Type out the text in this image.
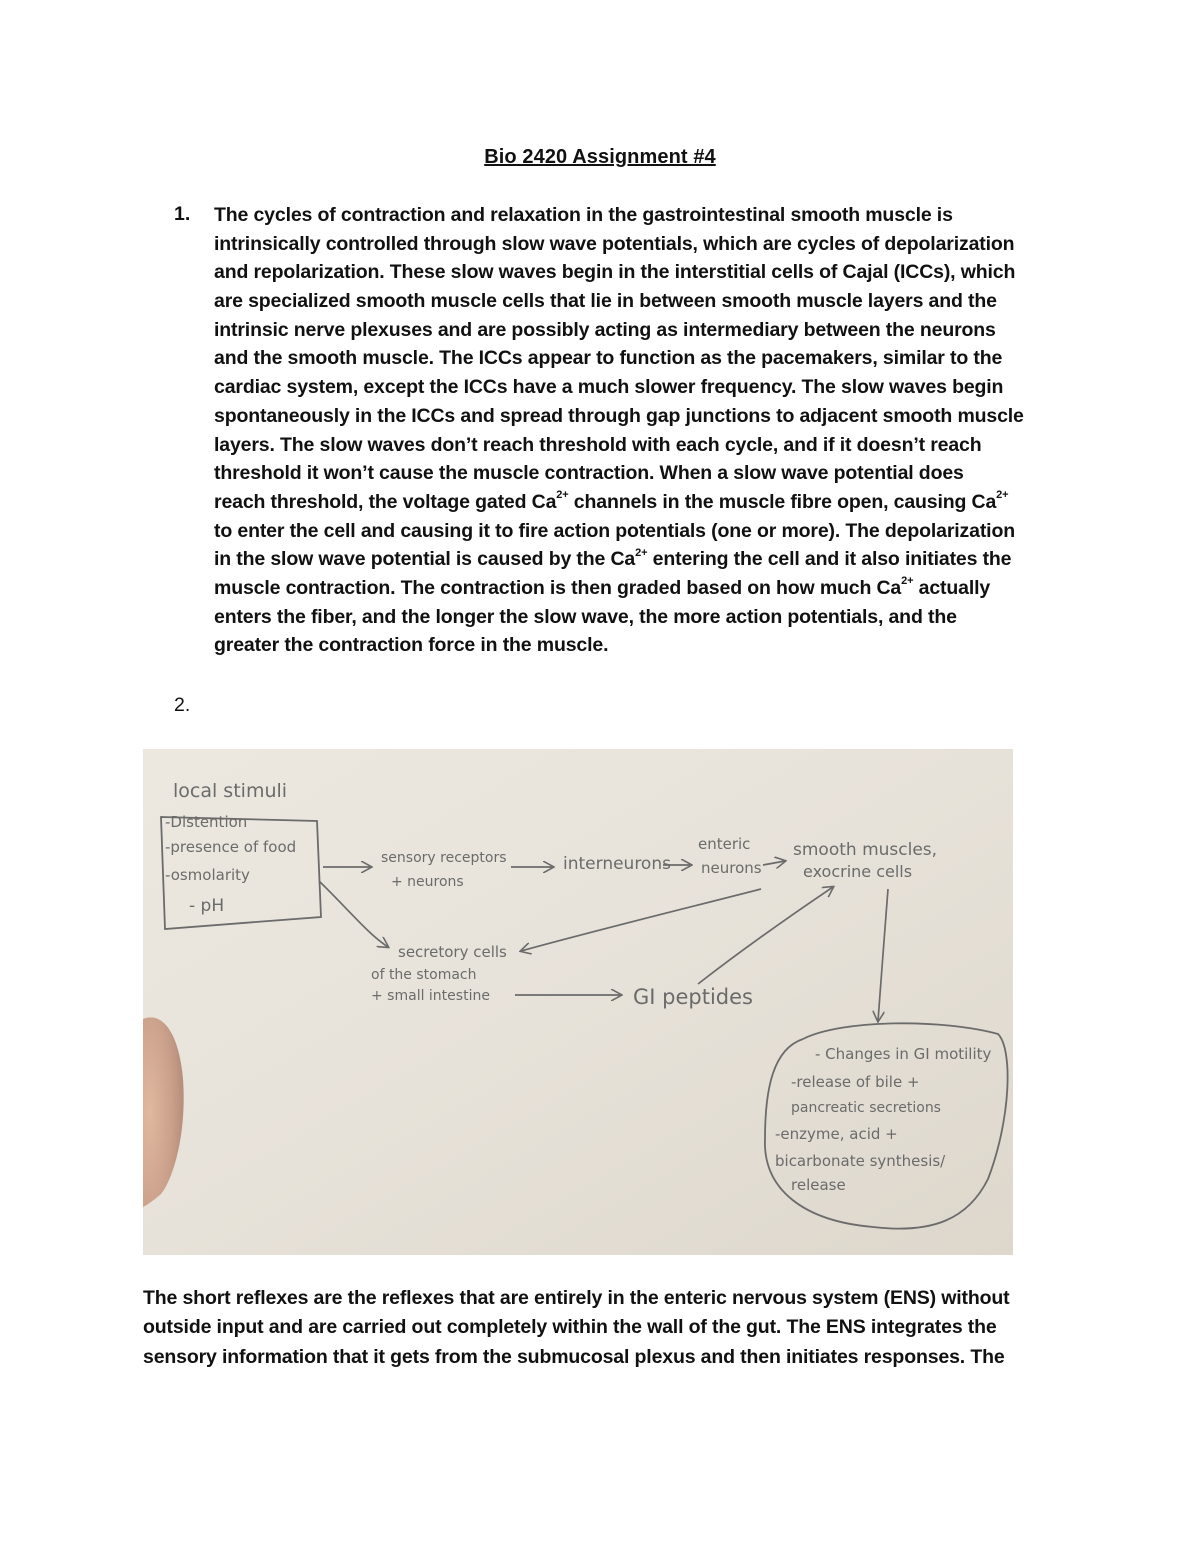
Bio 2420 Assignment #4
1. The cycles of contraction and relaxation in the gastrointestinal smooth muscle is
intrinsically controlled through slow wave potentials, which are cycles of depolarization
and repolarization. These slow waves begin in the interstitial cells of Cajal (ICCs), which
are specialized smooth muscle cells that lie in between smooth muscle layers and the
intrinsic nerve plexuses and are possibly acting as intermediary between the neurons
and the smooth muscle. The ICCs appear to function as the pacemakers, similar to the
cardiac system, except the ICCs have a much slower frequency. The slow waves begin
spontaneously in the ICCs and spread through gap junctions to adjacent smooth muscle
layers. The slow waves don’t reach threshold with each cycle, and if it doesn’t reach
threshold it won’t cause the muscle contraction. When a slow wave potential does
reach threshold, the voltage gated $Ca^{2+}$ channels in the muscle fibre open, causing $Ca^{2+}$
to enter the cell and causing it to fire action potentials (one or more). The depolarization
in the slow wave potential is caused by the $Ca^{2+}$ entering the cell and it also initiates the
muscle contraction. The contraction is then graded based on how much $Ca^{2+}$ actually
enters the fiber, and the longer the slow wave, the more action potentials, and the
greater the contraction force in the muscle.
2.
local stimuli
-Distention
-presence of food
-osmolarity
- pH
sensory receptors
+ neurons
interneurons
enteric
neurons
smooth muscles,
exocrine cells
secretory cells
of the stomach
+ small intestine	GI peptides
- Changes in GI motility
-release of bile +
pancreatic secretions
-enzyme, acid +
bicarbonate synthesis/
release
The short reflexes are the reflexes that are entirely in the enteric nervous system (ENS) without
outside input and are carried out completely within the wall of the gut. The ENS integrates the
sensory information that it gets from the submucosal plexus and then initiates responses. The
